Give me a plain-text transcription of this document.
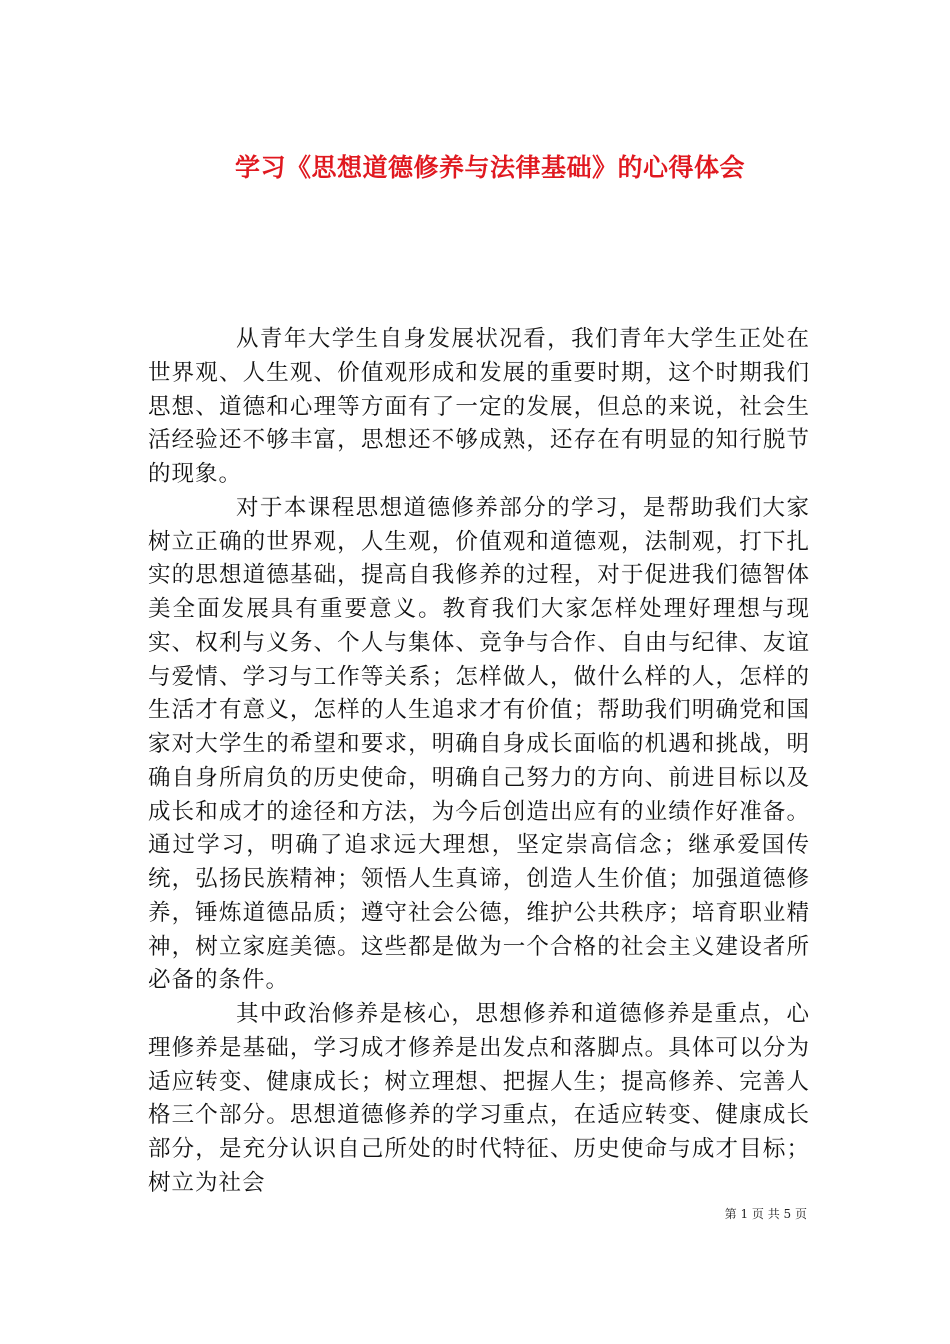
学习《思想道德修养与法律基础》的心得体会

从青年大学生自身发展状况看，我们青年大学生正处在世界观、人生观、价值观形成和发展的重要时期，这个时期我们思想、道德和心理等方面有了一定的发展，但总的来说，社会生活经验还不够丰富，思想还不够成熟，还存在有明显的知行脱节的现象。

对于本课程思想道德修养部分的学习，是帮助我们大家树立正确的世界观，人生观，价值观和道德观，法制观，打下扎实的思想道德基础，提高自我修养的过程，对于促进我们德智体美全面发展具有重要意义。教育我们大家怎样处理好理想与现实、权利与义务、个人与集体、竞争与合作、自由与纪律、友谊与爱情、学习与工作等关系；怎样做人，做什么样的人，怎样的生活才有意义，怎样的人生追求才有价值；帮助我们明确党和国家对大学生的希望和要求，明确自身成长面临的机遇和挑战，明确自身所肩负的历史使命，明确自己努力的方向、前进目标以及成长和成才的途径和方法，为今后创造出应有的业绩作好准备。通过学习，明确了追求远大理想，坚定崇高信念；继承爱国传统，弘扬民族精神；领悟人生真谛，创造人生价值；加强道德修养，锤炼道德品质；遵守社会公德，维护公共秩序；培育职业精神，树立家庭美德。这些都是做为一个合格的社会主义建设者所必备的条件。

其中政治修养是核心，思想修养和道德修养是重点，心理修养是基础，学习成才修养是出发点和落脚点。具体可以分为适应转变、健康成长；树立理想、把握人生；提高修养、完善人格三个部分。思想道德修养的学习重点，在适应转变、健康成长部分，是充分认识自己所处的时代特征、历史使命与成才目标；树立为社会

第 1 页 共 5 页
